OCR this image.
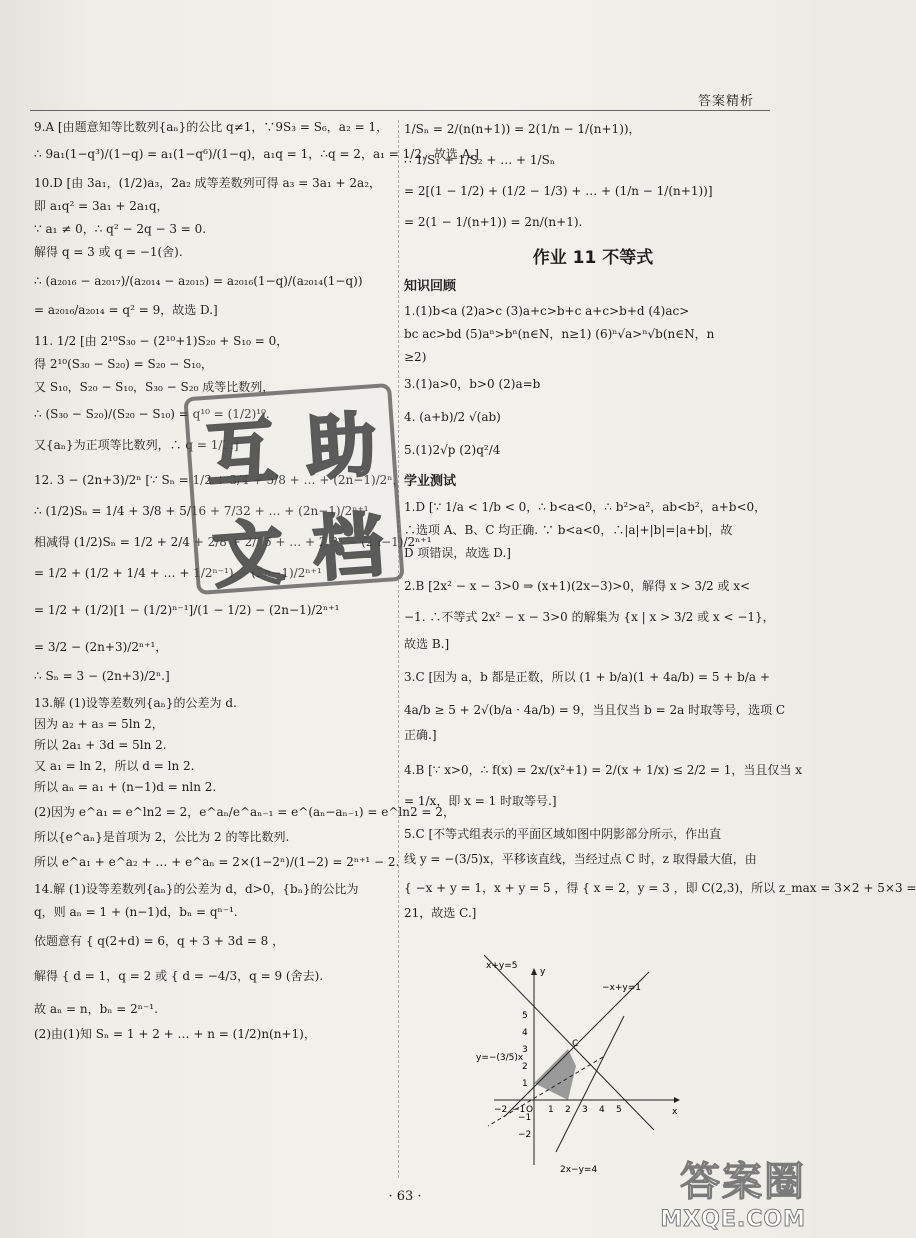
答案精析
9.A [由题意知等比数列{aₙ}的公比 q≠1，∵9S₃ = S₆，a₂ = 1，
∴ 9a₁(1−q³)/(1−q) = a₁(1−q⁶)/(1−q)，a₁q = 1，∴q = 2，a₁ = 1/2，故选 A.]
10.D [由 3a₁，(1/2)a₃，2a₂ 成等差数列可得 a₃ = 3a₁ + 2a₂，
即 a₁q² = 3a₁ + 2a₁q，
∵ a₁ ≠ 0，∴ q² − 2q − 3 = 0.
解得 q = 3 或 q = −1(舍).
∴ (a₂₀₁₆ − a₂₀₁₇)/(a₂₀₁₄ − a₂₀₁₅) = a₂₀₁₆(1−q)/(a₂₀₁₄(1−q))
= a₂₀₁₆/a₂₀₁₄ = q² = 9，故选 D.]
11. 1/2 [由 2¹⁰S₃₀ − (2¹⁰+1)S₂₀ + S₁₀ = 0，
得 2¹⁰(S₃₀ − S₂₀) = S₂₀ − S₁₀，
又 S₁₀，S₂₀ − S₁₀，S₃₀ − S₂₀ 成等比数列，
∴ (S₃₀ − S₂₀)/(S₂₀ − S₁₀) = q¹⁰ = (1/2)¹⁰.
又{aₙ}为正项等比数列，∴ q = 1/2.]
12. 3 − (2n+3)/2ⁿ [∵ Sₙ = 1/2 + 3/4 + 5/8 + … + (2n−1)/2ⁿ，
∴ (1/2)Sₙ = 1/4 + 3/8 + 5/16 + 7/32 + … + (2n−1)/2ⁿ⁺¹，
相减得 (1/2)Sₙ = 1/2 + 2/4 + 2/8 + 2/16 + … + 2/2ⁿ − (2n−1)/2ⁿ⁺¹
= 1/2 + (1/2 + 1/4 + … + 1/2ⁿ⁻¹) − (2n−1)/2ⁿ⁺¹
= 1/2 + (1/2)[1 − (1/2)ⁿ⁻¹]/(1 − 1/2) − (2n−1)/2ⁿ⁺¹
= 3/2 − (2n+3)/2ⁿ⁺¹，
∴ Sₙ = 3 − (2n+3)/2ⁿ.]
13.解 (1)设等差数列{aₙ}的公差为 d.
因为 a₂ + a₃ = 5ln 2，
所以 2a₁ + 3d = 5ln 2.
又 a₁ = ln 2，所以 d = ln 2.
所以 aₙ = a₁ + (n−1)d = nln 2.
(2)因为 e^a₁ = e^ln2 = 2，e^aₙ/e^aₙ₋₁ = e^(aₙ−aₙ₋₁) = e^ln2 = 2，
所以{e^aₙ}是首项为 2，公比为 2 的等比数列.
所以 e^a₁ + e^a₂ + … + e^aₙ = 2×(1−2ⁿ)/(1−2) = 2ⁿ⁺¹ − 2.
14.解 (1)设等差数列{aₙ}的公差为 d，d>0，{bₙ}的公比为
q，则 aₙ = 1 + (n−1)d，bₙ = qⁿ⁻¹.
依题意有 { q(2+d) = 6，q + 3 + 3d = 8 ，
解得 { d = 1，q = 2 或 { d = −4/3，q = 9 (舍去).
故 aₙ = n，bₙ = 2ⁿ⁻¹.
(2)由(1)知 Sₙ = 1 + 2 + … + n = (1/2)n(n+1)，
1/Sₙ = 2/(n(n+1)) = 2(1/n − 1/(n+1))，
∴ 1/S₁ + 1/S₂ + … + 1/Sₙ
= 2[(1 − 1/2) + (1/2 − 1/3) + … + (1/n − 1/(n+1))]
= 2(1 − 1/(n+1)) = 2n/(n+1).
作业 11 不等式
知识回顾
1.(1)b<a (2)a>c (3)a+c>b+c a+c>b+d (4)ac>
bc ac>bd (5)aⁿ>bⁿ(n∈N，n≥1) (6)ⁿ√a>ⁿ√b(n∈N，n
≥2)
3.(1)a>0，b>0 (2)a=b
4. (a+b)/2 √(ab)
5.(1)2√p (2)q²/4
学业测试
1.D [∵ 1/a < 1/b < 0，∴ b<a<0，∴ b²>a²，ab<b²，a+b<0，
∴选项 A、B、C 均正确. ∵ b<a<0，∴|a|+|b|=|a+b|，故
D 项错误，故选 D.]
2.B [2x² − x − 3>0 ⇒ (x+1)(2x−3)>0，解得 x > 3/2 或 x<
−1. ∴不等式 2x² − x − 3>0 的解集为 {x | x > 3/2 或 x < −1}，
故选 B.]
3.C [因为 a，b 都是正数，所以 (1 + b/a)(1 + 4a/b) = 5 + b/a +
4a/b ≥ 5 + 2√(b/a · 4a/b) = 9，当且仅当 b = 2a 时取等号，选项 C
正确.]
4.B [∵ x>0，∴ f(x) = 2x/(x²+1) = 2/(x + 1/x) ≤ 2/2 = 1，当且仅当 x
= 1/x，即 x = 1 时取等号.]
5.C [不等式组表示的平面区域如图中阴影部分所示，作出直
线 y = −(3/5)x，平移该直线，当经过点 C 时，z 取得最大值，由
{ −x + y = 1，x + y = 5 ，得 { x = 2，y = 3 ，即 C(2,3)，所以 z_max = 3×2 + 5×3 =
21，故选 C.]
x+y=5
−x+y=1
y=−(3/5)x
2x−y=4
x
y
O
C
−2 −1	1 2 3 4 5
5
4
3
2
1
−1
−2
· 63 ·
互 助
文 档
答案圈
MXQE.COM
